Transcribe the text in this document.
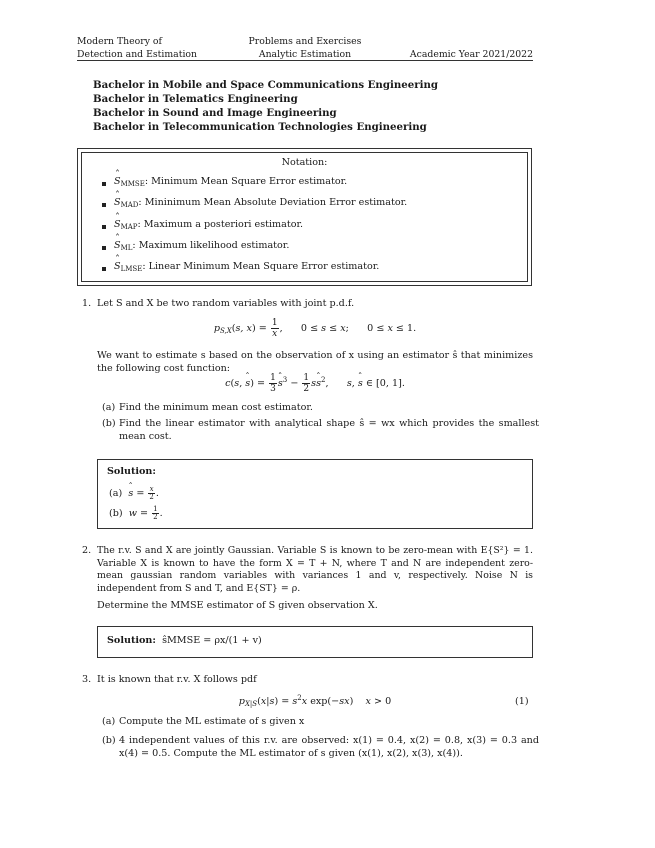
Modern Theory of
Detection and Estimation
Problems and Exercises
Analytic Estimation	Academic Year 2021/2022
Bachelor in Mobile and Space Communications Engineering
Bachelor in Telematics Engineering
Bachelor in Sound and Image Engineering
Bachelor in Telecommunication Technologies Engineering
Notation:
ˆ $S_{MMSE}$: Minimum Mean Square Error estimator.
ˆ $S_{MAD}$: Mininimum Mean Absolute Deviation Error estimator.
ˆ $S_{MAP}$: Maximum a posteriori estimator.
ˆ $S_{ML}$: Maximum likelihood estimator.
ˆ $S_{LMSE}$: Linear Minimum Mean Square Error estimator.
1. Let S and X be two random variables with joint p.d.f.
$p_{S,X}(s$, $x) = \frac{1}{x}$ ,      0 ≤ s ≤ x;      0 ≤ x ≤ 1.
We want to estimate s based on the observation of x using an estimator ŝ that minimizes the following cost function:
c(s, ˆ $s) = \frac{1}{3}$ ˆ $s^3 - \frac{1}{2}$ sˆ $s^2$,      s, ˆ s ∈ [0, 1].
(a) Find the minimum mean cost estimator.
(b) Find the linear estimator with analytical shape ŝ = wx which provides the smallest mean cost.
Solution:
(a) ˆ $s = \frac{x}{2}$ .
(b) $w = \frac{1}{2}$ .
2. The r.v. S and X are jointly Gaussian. Variable S is known to be zero-mean with E{S²} = 1. Variable X is known to have the form X = T + N, where T and N are independent zero-mean gaussian random variables with variances 1 and v, respectively. Noise N is independent from S and T, and E{ST} = ρ.
Determine the MMSE estimator of S given observation X.
Solution: ŝMMSE = ρx/(1 + v)
3. It is known that r.v. X follows pdf
$p_{X|S}(x|s) = s^2x$ exp(−sx)    x > 0	(1)
(a) Compute the ML estimate of s given x
(b) 4 independent values of this r.v. are observed: x(1) = 0.4, x(2) = 0.8, x(3) = 0.3 and x(4) = 0.5. Compute the ML estimator of s given (x(1), x(2), x(3), x(4)).
